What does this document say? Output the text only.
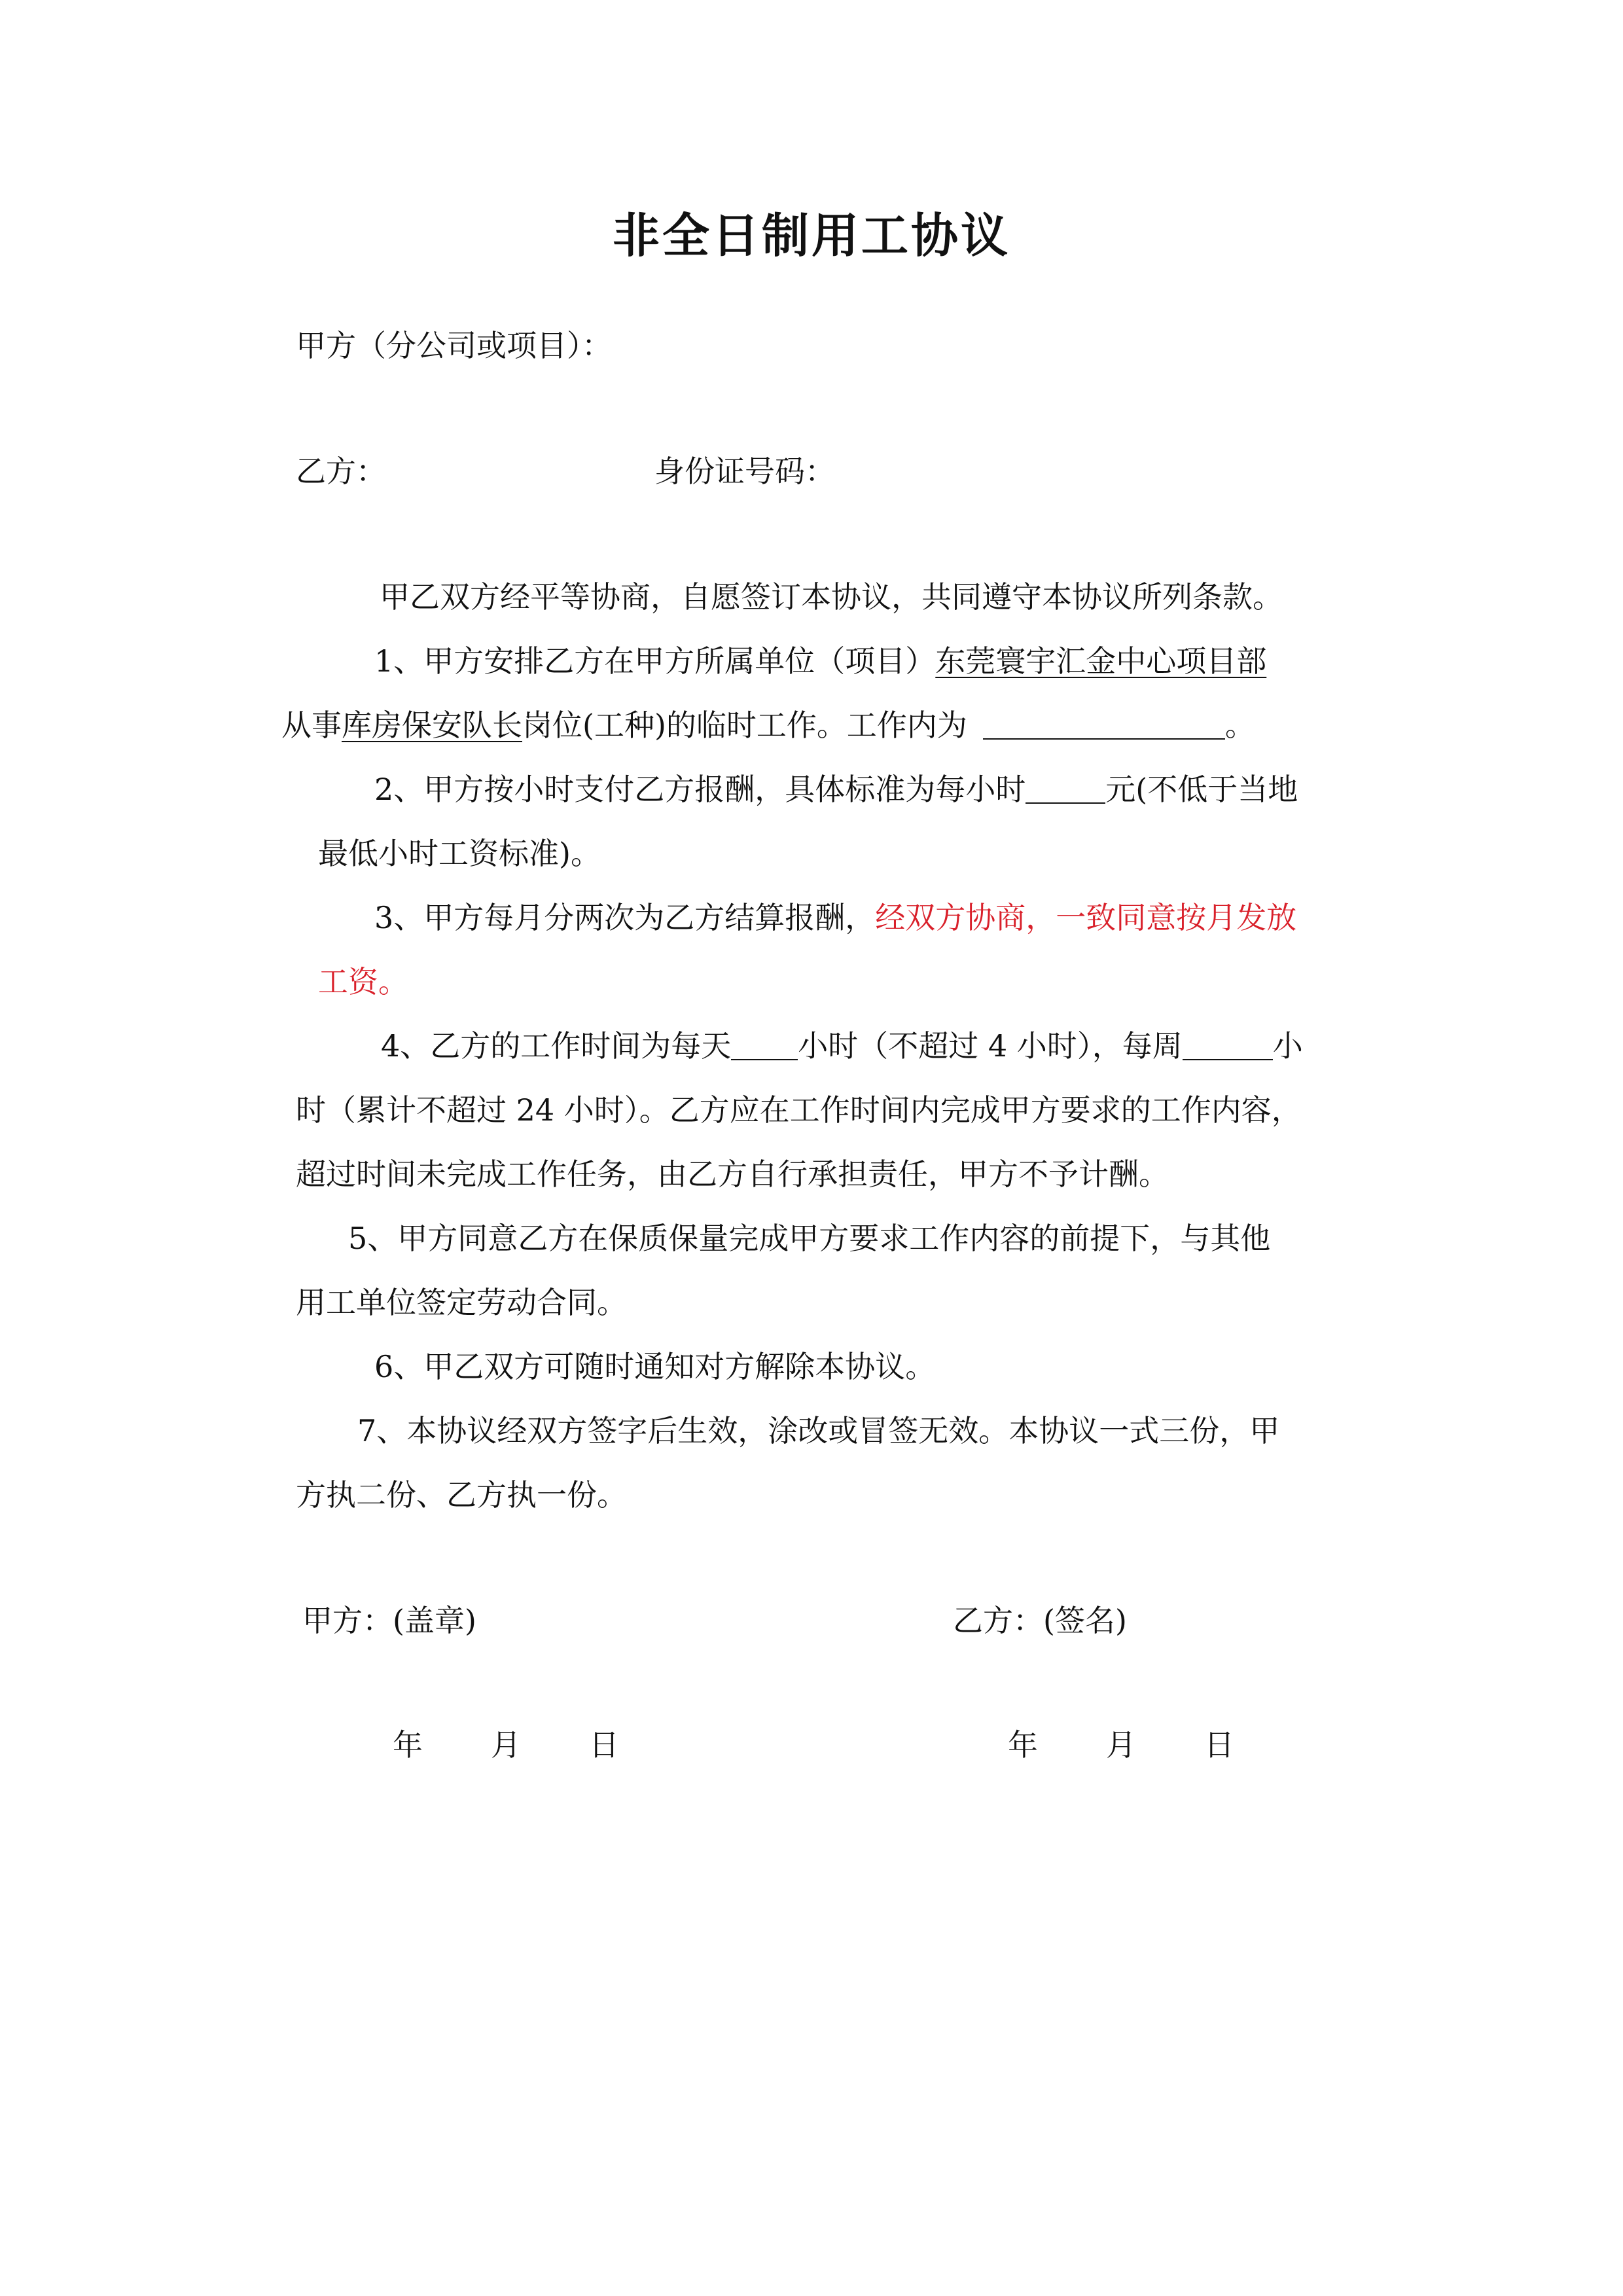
非全日制用工协议
甲方（分公司或项目）：
乙方：	身份证号码：
甲乙双方经平等协商，自愿签订本协议，共同遵守本协议所列条款。
1、甲方安排乙方在甲方所属单位（项目）东莞寰宇汇金中心项目部
从事库房保安队长岗位(工种)的临时工作。工作内为	。
2、甲方按小时支付乙方报酬，具体标准为每小时	元(不低于当地
最低小时工资标准)。
3、甲方每月分两次为乙方结算报酬，经双方协商，一致同意按月发放
工资。
4、乙方的工作时间为每天 小时（不超过 4 小时），每周	小
时（累计不超过 24 小时）。乙方应在工作时间内完成甲方要求的工作内容，
超过时间未完成工作任务，由乙方自行承担责任，甲方不予计酬。
5、甲方同意乙方在保质保量完成甲方要求工作内容的前提下，与其他
用工单位签定劳动合同。
6、甲乙双方可随时通知对方解除本协议。
7、本协议经双方签字后生效，涂改或冒签无效。本协议一式三份，甲
方执二份、乙方执一份。
甲方：(盖章)	乙方：(签名)
年 月 日	年 月 日
